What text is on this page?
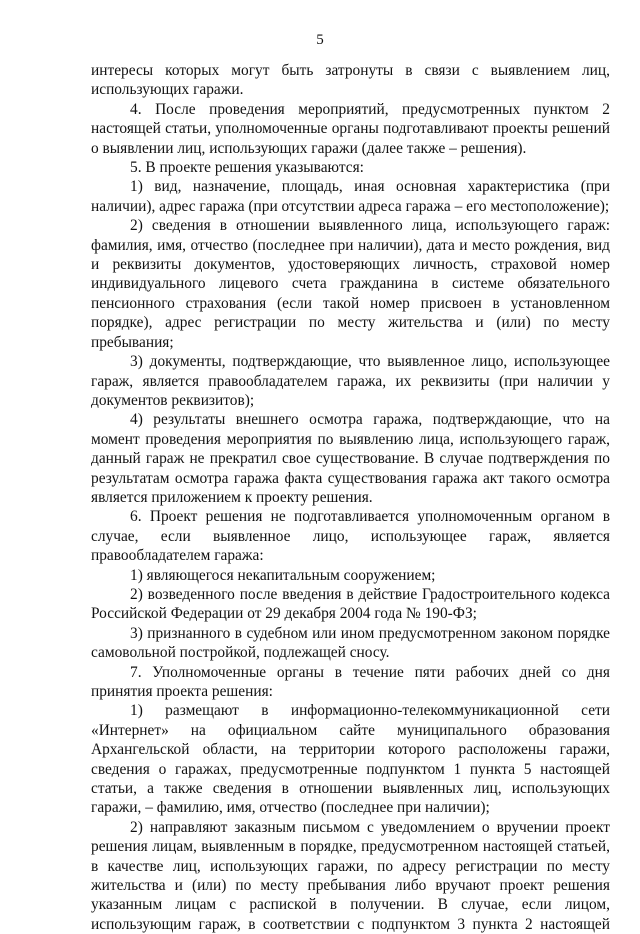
5

интересы которых могут быть затронуты в связи с выявлением лиц, использующих гаражи.

4. После проведения мероприятий, предусмотренных пунктом 2 настоящей статьи, уполномоченные органы подготавливают проекты решений о выявлении лиц, использующих гаражи (далее также – решения).

5. В проекте решения указываются:

1) вид, назначение, площадь, иная основная характеристика (при наличии), адрес гаража (при отсутствии адреса гаража – его местоположение);

2) сведения в отношении выявленного лица, использующего гараж: фамилия, имя, отчество (последнее при наличии), дата и место рождения, вид и реквизиты документов, удостоверяющих личность, страховой номер индивидуального лицевого счета гражданина в системе обязательного пенсионного страхования (если такой номер присвоен в установленном порядке), адрес регистрации по месту жительства и (или) по месту пребывания;

3) документы, подтверждающие, что выявленное лицо, использующее гараж, является правообладателем гаража, их реквизиты (при наличии у документов реквизитов);

4) результаты внешнего осмотра гаража, подтверждающие, что на момент проведения мероприятия по выявлению лица, использующего гараж, данный гараж не прекратил свое существование. В случае подтверждения по результатам осмотра гаража факта существования гаража акт такого осмотра является приложением к проекту решения.

6. Проект решения не подготавливается уполномоченным органом в случае, если выявленное лицо, использующее гараж, является правообладателем гаража:

1) являющегося некапитальным сооружением;

2) возведенного после введения в действие Градостроительного кодекса Российской Федерации от 29 декабря 2004 года № 190-ФЗ;

3) признанного в судебном или ином предусмотренном законом порядке самовольной постройкой, подлежащей сносу.

7. Уполномоченные органы в течение пяти рабочих дней со дня принятия проекта решения:

1) размещают в информационно-телекоммуникационной сети «Интернет» на официальном сайте муниципального образования Архангельской области, на территории которого расположены гаражи, сведения о гаражах, предусмотренные подпунктом 1 пункта 5 настоящей статьи, а также сведения в отношении выявленных лиц, использующих гаражи, – фамилию, имя, отчество (последнее при наличии);

2) направляют заказным письмом с уведомлением о вручении проект решения лицам, выявленным в порядке, предусмотренном настоящей статьей, в качестве лиц, использующих гаражи, по адресу регистрации по месту жительства и (или) по месту пребывания либо вручают проект решения указанным лицам с распиской в получении. В случае, если лицом, использующим гараж, в соответствии с подпунктом 3 пункта 2 настоящей
